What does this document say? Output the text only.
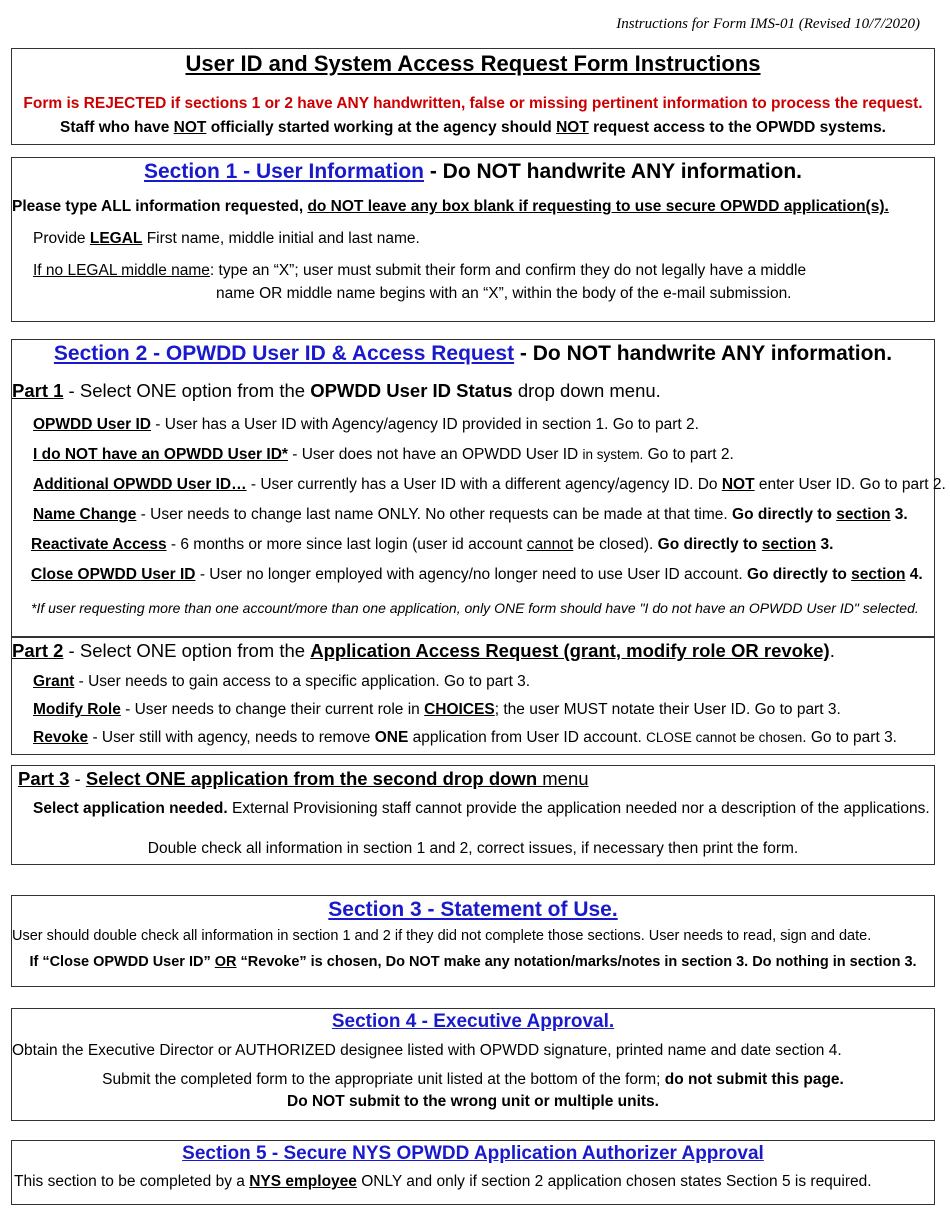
Instructions for Form IMS-01 (Revised 10/7/2020)
User ID and System Access Request Form Instructions
Form is REJECTED if sections 1 or 2 have ANY handwritten, false or missing pertinent information to process the request.
Staff who have NOT officially started working at the agency should NOT request access to the OPWDD systems.
Section 1 - User Information - Do NOT handwrite ANY information.
Please type ALL information requested, do NOT leave any box blank if requesting to use secure OPWDD application(s).
Provide LEGAL First name, middle initial and last name.
If no LEGAL middle name: type an “X”; user must submit their form and confirm they do not legally have a middle
name OR middle name begins with an “X”, within the body of the e-mail submission.
Section 2 - OPWDD User ID & Access Request - Do NOT handwrite ANY information.
Part 1 - Select ONE option from the OPWDD User ID Status drop down menu.
OPWDD User ID - User has a User ID with Agency/agency ID provided in section 1. Go to part 2.
I do NOT have an OPWDD User ID* - User does not have an OPWDD User ID in system. Go to part 2.
Additional OPWDD User ID… - User currently has a User ID with a different agency/agency ID. Do NOT enter User ID. Go to part 2.
Name Change - User needs to change last name ONLY. No other requests can be made at that time. Go directly to section 3.
Reactivate Access - 6 months or more since last login (user id account cannot be closed). Go directly to section 3.
Close OPWDD User ID - User no longer employed with agency/no longer need to use User ID account. Go directly to section 4.
*If user requesting more than one account/more than one application, only ONE form should have "I do not have an OPWDD User ID" selected.
Part 2 - Select ONE option from the Application Access Request (grant, modify role OR revoke).
Grant - User needs to gain access to a specific application. Go to part 3.
Modify Role - User needs to change their current role in CHOICES; the user MUST notate their User ID. Go to part 3.
Revoke - User still with agency, needs to remove ONE application from User ID account. CLOSE cannot be chosen. Go to part 3.
Part 3 - Select ONE application from the second drop down menu
Select application needed. External Provisioning staff cannot provide the application needed nor a description of the applications.
Double check all information in section 1 and 2, correct issues, if necessary then print the form.
Section 3 - Statement of Use.
User should double check all information in section 1 and 2 if they did not complete those sections. User needs to read, sign and date.
If “Close OPWDD User ID” OR “Revoke” is chosen, Do NOT make any notation/marks/notes in section 3. Do nothing in section 3.
Section 4 - Executive Approval.
Obtain the Executive Director or AUTHORIZED designee listed with OPWDD signature, printed name and date section 4.
Submit the completed form to the appropriate unit listed at the bottom of the form; do not submit this page.
Do NOT submit to the wrong unit or multiple units.
Section 5 - Secure NYS OPWDD Application Authorizer Approval
This section to be completed by a NYS employee ONLY and only if section 2 application chosen states Section 5 is required.
